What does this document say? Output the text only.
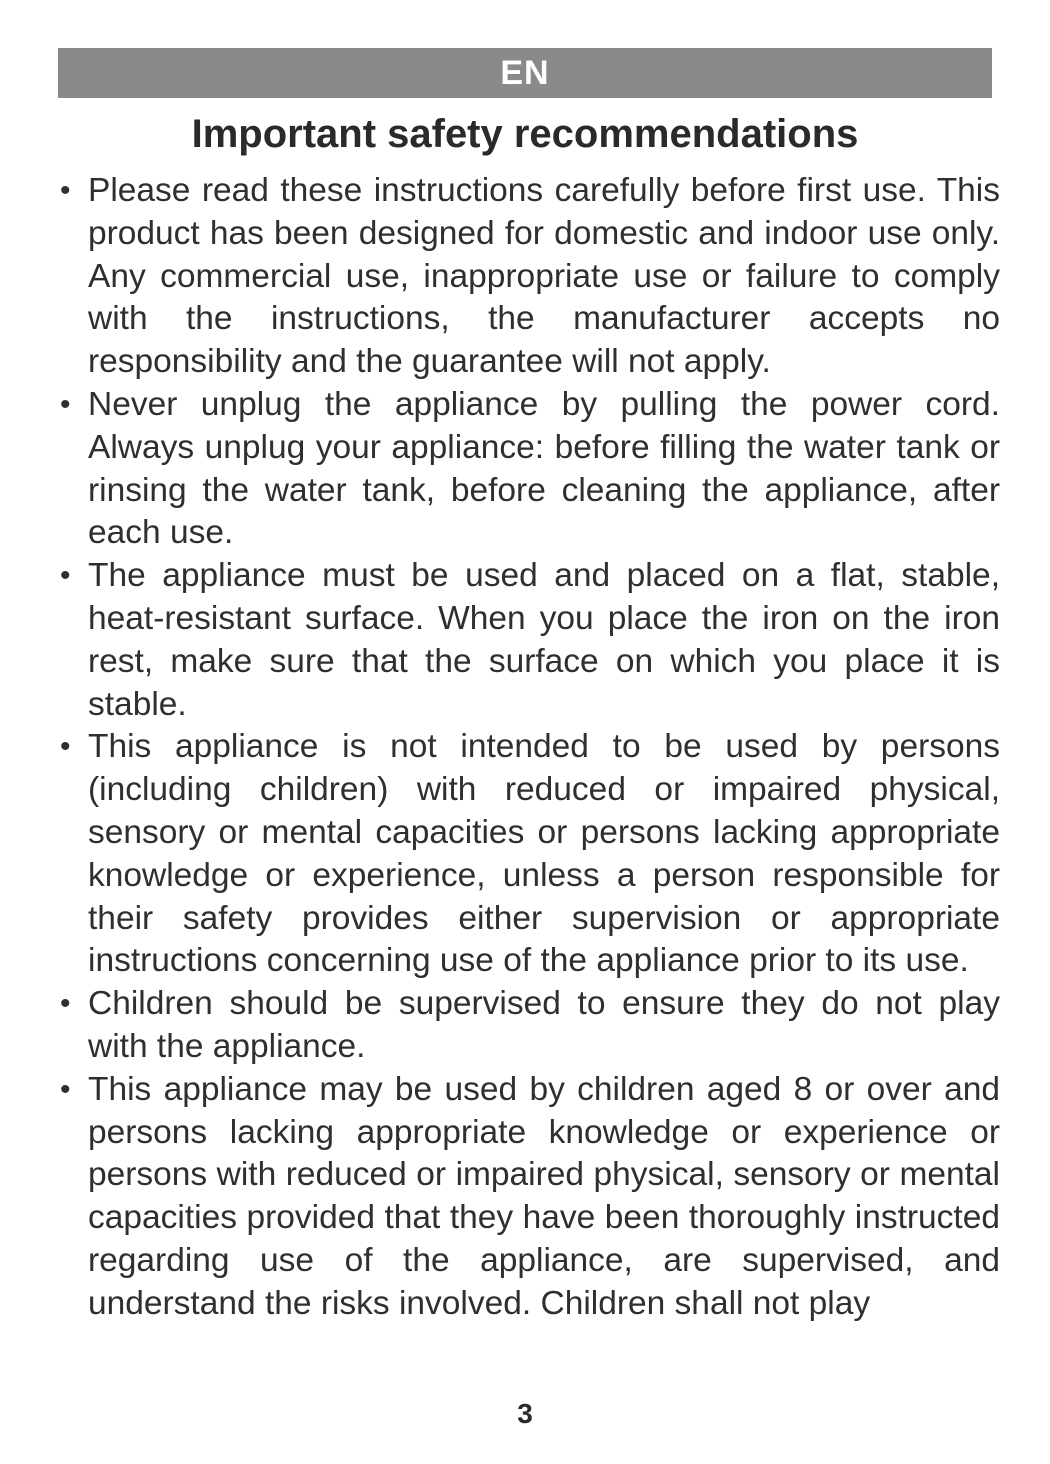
EN
Important safety recommendations
• Please read these instructions carefully before first use. This product has been designed for domestic and indoor use only. Any commercial use, inappropriate use or failure to comply with the instructions, the manufacturer accepts no responsibility and the guarantee will not apply.
• Never unplug the appliance by pulling the power cord. Always unplug your appliance: before filling the water tank or rinsing the water tank, before cleaning the appliance, after each use.
• The appliance must be used and placed on a flat, stable, heat-resistant surface. When you place the iron on the iron rest, make sure that the surface on which you place it is stable.
• This appliance is not intended to be used by persons (including children) with reduced or impaired physical, sensory or mental capacities or persons lacking appropriate knowledge or experience, unless a person responsible for their safety provides either supervision or appropriate instructions concerning use of the appliance prior to its use.
• Children should be supervised to ensure they do not play with the appliance.
• This appliance may be used by children aged 8 or over and persons lacking appropriate knowledge or experience or persons with reduced or impaired physical, sensory or mental capacities provided that they have been thoroughly instructed regarding use of the appliance, are supervised, and understand the risks involved. Children shall not play
3
